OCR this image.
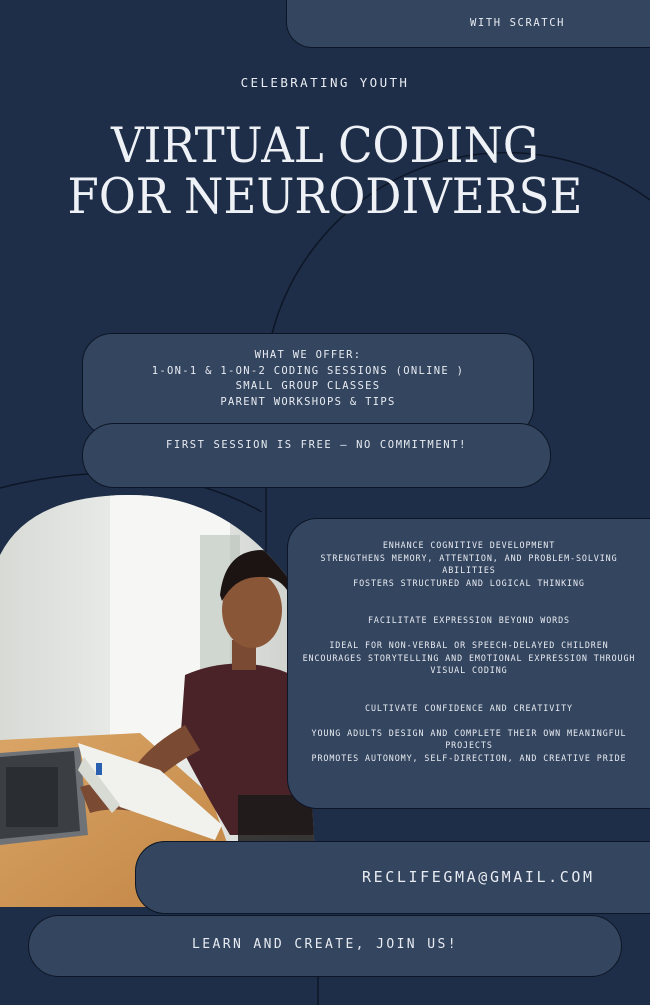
WITH SCRATCH
CELEBRATING YOUTH
VIRTUAL CODING
FOR NEURODIVERSE
WHAT WE OFFER:
1-ON-1 & 1-ON-2 CODING SESSIONS (ONLINE )
SMALL GROUP CLASSES
PARENT WORKSHOPS & TIPS
FIRST SESSION IS FREE – NO COMMITMENT!
ENHANCE COGNITIVE DEVELOPMENT
STRENGTHENS MEMORY, ATTENTION, AND PROBLEM-SOLVING ABILITIES
FOSTERS STRUCTURED AND LOGICAL THINKING
FACILITATE EXPRESSION BEYOND WORDS
IDEAL FOR NON-VERBAL OR SPEECH-DELAYED CHILDREN
ENCOURAGES STORYTELLING AND EMOTIONAL EXPRESSION THROUGH VISUAL CODING
CULTIVATE CONFIDENCE AND CREATIVITY
YOUNG ADULTS DESIGN AND COMPLETE THEIR OWN MEANINGFUL PROJECTS
PROMOTES AUTONOMY, SELF-DIRECTION, AND CREATIVE PRIDE
RECLIFEGMA@GMAIL.COM
LEARN AND CREATE, JOIN US!
